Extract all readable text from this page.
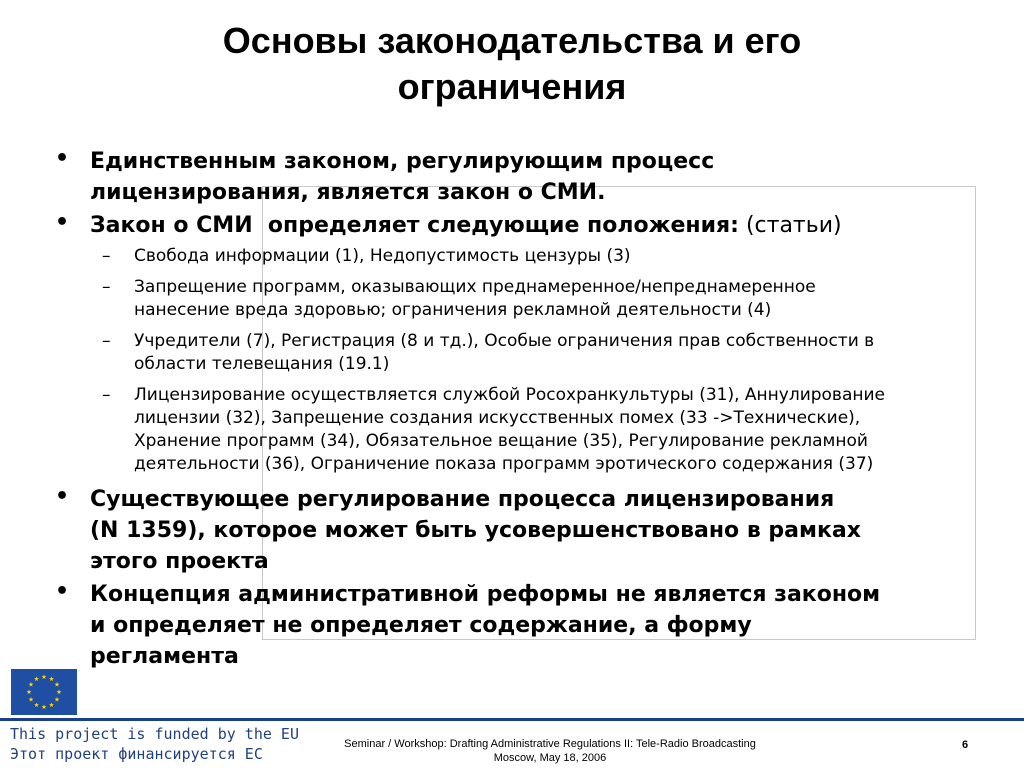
Основы законодательства и его
ограничения
• Единственным законом, регулирующим процесс
лицензирования, является закон о СМИ.
• Закон о СМИ  определяет следующие положения: (статьи)
– Свобода информации (1), Недопустимость цензуры (3)
– Запрещение программ, оказывающих преднамеренное/непреднамеренное
нанесение вреда здоровью; ограничения рекламной деятельности (4)
– Учредители (7), Регистрация (8 и тд.), Особые ограничения прав собственности в
области телевещания (19.1)
– Лицензирование осуществляется службой Росохранкультуры (31), Аннулирование
лицензии (32), Запрещение создания искусственных помех (33 ->Технические),
Хранение программ (34), Обязательное вещание (35), Регулирование рекламной
деятельности (36), Ограничение показа программ эротического содержания (37)
• Существующее регулирование процесса лицензирования
(N 1359), которое может быть усовершенствовано в рамках
этого проекта
• Концепция административной реформы не является законом
и определяет не определяет содержание, а форму
регламента
This project is funded by the EU
Этот проект финансируется ЕС
Seminar / Workshop: Drafting Administrative Regulations II: Tele-Radio Broadcasting
Moscow, May 18, 2006
6
